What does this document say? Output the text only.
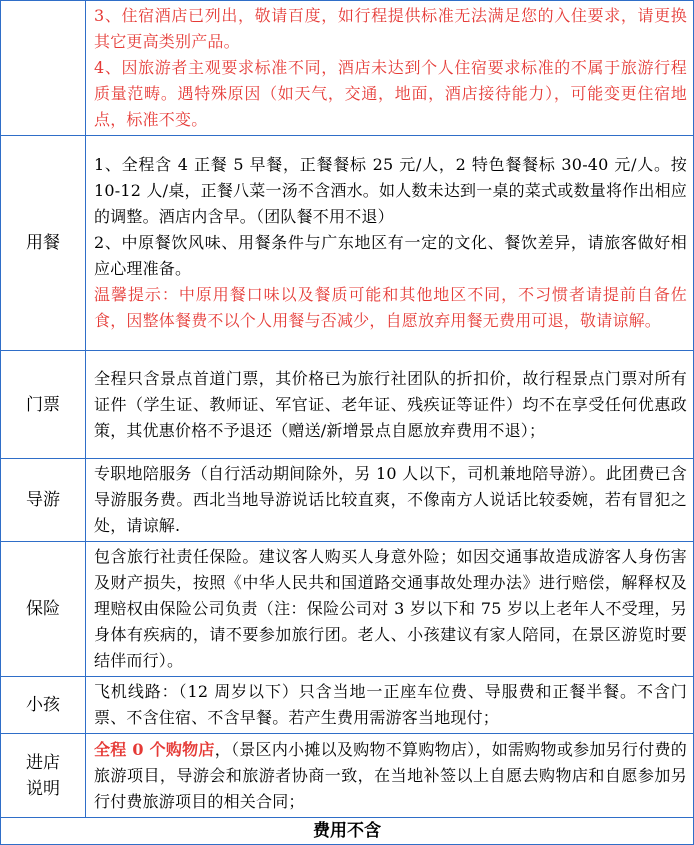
	3、住宿酒店已列出，敬请百度，如行程提供标准无法满足您的入住要求，请更换其它更高类别产品。

4、因旅游者主观要求标准不同，酒店未达到个人住宿要求标准的不属于旅游行程质量范畴。遇特殊原因（如天气，交通，地面，酒店接待能力），可能变更住宿地点，标准不变。

用餐	1、全程含 4 正餐 5 早餐，正餐餐标 25 元/人，2 特色餐餐标 30-40 元/人。按 10-12 人/桌，正餐八菜一汤不含酒水。如人数未达到一桌的菜式或数量将作出相应的调整。酒店内含早。（团队餐不用不退）

2、中原餐饮风味、用餐条件与广东地区有一定的文化、餐饮差异，请旅客做好相应心理准备。

温馨提示：中原用餐口味以及餐质可能和其他地区不同，不习惯者请提前自备佐食，因整体餐费不以个人用餐与否减少，自愿放弃用餐无费用可退，敬请谅解。

门票	全程只含景点首道门票，其价格已为旅行社团队的折扣价，故行程景点门票对所有证件（学生证、教师证、军官证、老年证、残疾证等证件）均不在享受任何优惠政策，其优惠价格不予退还（赠送/新增景点自愿放弃费用不退）；

导游	专职地陪服务（自行活动期间除外，另 10 人以下，司机兼地陪导游）。此团费已含导游服务费。西北当地导游说话比较直爽，不像南方人说话比较委婉，若有冒犯之处，请谅解.

保险	包含旅行社责任保险。建议客人购买人身意外险；如因交通事故造成游客人身伤害及财产损失，按照《中华人民共和国道路交通事故处理办法》进行赔偿，解释权及理赔权由保险公司负责（注：保险公司对 3 岁以下和 75 岁以上老年人不受理，另身体有疾病的，请不要参加旅行团。老人、小孩建议有家人陪同，在景区游览时要结伴而行）。

小孩	飞机线路：（12 周岁以下）只含当地一正座车位费、导服费和正餐半餐。不含门票、不含住宿、不含早餐。若产生费用需游客当地现付；

进店
说明	全程 0 个购物店，（景区内小摊以及购物不算购物店），如需购物或参加另行付费的旅游项目，导游会和旅游者协商一致，在当地补签以上自愿去购物店和自愿参加另行付费旅游项目的相关合同；

费用不含	
